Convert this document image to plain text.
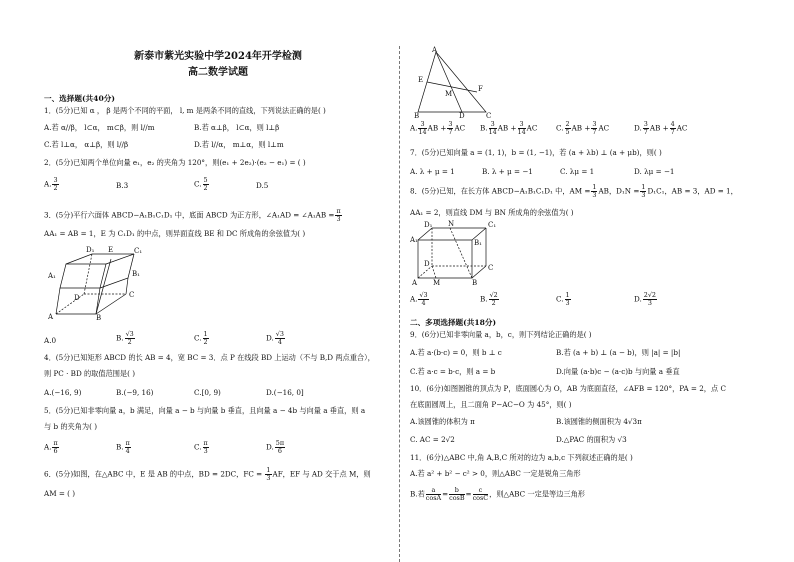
新泰市紫光实验中学2024年开学检测
高二数学试题
一、选择题(共40分)
1．(5分)已知 α ， β 是两个不同的平面， l, m 是两条不同的直线，下列说法正确的是( )
A.若 α//β， l⊂α， m⊂β，则 l//m	B.若 α⊥β， l⊂α，则 l⊥β
C.若 l⊥α， α⊥β，则 l//β	D.若 l//α， m⊥α，则 l⊥m
2．(5分)已知两个单位向量 e₁，e₂ 的夹角为 120°，则(e₁ + 2e₂)·(e₂ − e₁) = ( )
A. $\frac{3}{2}$	B.3	C. $\frac{5}{2}$	D.5
3．(5分)平行六面体 ABCD−A₁B₁C₁D₁ 中，底面 ABCD 为正方形，∠A₁AD = ∠A₁AB = $\frac{\pi}{3}$
AA₁ = AB = 1，E 为 C₁D₁ 的中点，则异面直线 BE 和 DC 所成角的余弦值为( )
A₁
D₁ E	C₁
B₁
D	C
A	B
A.0	B. $\frac{√3}{2}$	C. $\frac{1}{2}$	D. $\frac{√3}{4}$
4．(5分)已知矩形 ABCD 的长 AB = 4，宽 BC = 3．点 P 在线段 BD 上运动（不与 B,D 两点重合），
则 PC · BD 的取值范围是( )
A.(−16, 9)	B.(−9, 16)	C.[0, 9)	D.(−16, 0]
5．(5分)已知非零向量 a，b 满足，向量 a − b 与向量 b 垂直，且向量 a − 4b 与向量 a 垂直，则 a
与 b 的夹角为( )
A. $\frac{\pi}{6}$	B. $\frac{\pi}{4}$	C. $\frac{\pi}{3}$	D. $\frac{5\pi}{6}$
6．(5分)如图，在△ABC 中，E 是 AB 的中点，BD = 2DC，FC = $\frac{1}{3}$ AF，EF 与 AD 交于点 M，则
AM = ( )
A
E
M
F
B	D	C
A. $\frac{3}{14}$ AB + $\frac{3}{7}$ AC B. $\frac{3}{14}$ AB + $\frac{3}{14}$ AC	C. $\frac{2}{5}$ AB + $\frac{3}{7}$ AC	D. $\frac{3}{7}$ AB + $\frac{4}{7}$ AC
7．(5分)已知向量 a = (1, 1)，b = (1, −1)，若 (a + λb) ⊥ (a + μb)，则( )
A. λ + μ = 1	B. λ + μ = −1	C. λμ = 1	D. λμ = −1
8．(5分)已知，在长方体 ABCD−A₁B₁C₁D₁ 中，AM = $\frac{1}{3}$ AB，$D_1N = \frac{1}{3} D_1C_1$，AB = 3，AD = 1，
AA₁ = 2，则直线 DM 与 BN 所成角的余弦值为( )
D₁ N	C₁
A₁	B₁
D	C
A M	B
A. $\frac{√3}{4}$	B. $\frac{√2}{2}$	C. $\frac{1}{3}$	D. $\frac{2√2}{3}$
二、多项选择题(共18分)
9．(6分)已知非零向量 a，b，c，则下列结论正确的是( )
A.若 a·(b·c) = 0，则 b ⊥ c	B.若 (a + b) ⊥ (a − b)，则 |a| = |b|
C.若 a·c = b·c，则 a = b	D.向量 (a·b)c − (a·c)b 与向量 a 垂直
10．(6分)如图圆锥的顶点为 P，底面圆心为 O，AB 为底面直径，∠AFB = 120°，PA = 2，点 C
在底面圆周上，且二面角 P−AC−O 为 45°，则( )
A.该圆锥的体积为 π	B.该圆锥的侧面积为 4√3π
C. AC = 2√2	D.△PAC 的面积为 √3
11．(6分)△ABC 中,角 A,B,C 所对的边为 a,b,c 下列叙述正确的是( )
A.若 a² + b² − c² > 0，则△ABC 一定是锐角三角形
B.若 $\frac{a}{\cos A} = \frac{b}{\cos B} = \frac{c}{\cos C}$ ，则△ABC 一定是等边三角形
